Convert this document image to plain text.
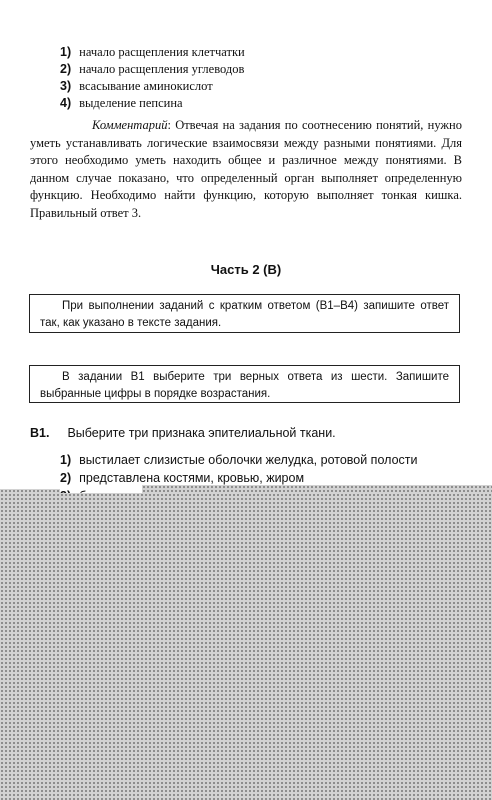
1) начало расщепления клетчатки
2) начало расщепления углеводов
3) всасывание аминокислот
4) выделение пепсина
Комментарий: Отвечая на задания по соотнесению понятий, нужно уметь устанавливать логические взаимосвязи между разными понятиями. Для этого необходимо уметь находить общее и различное между понятиями. В данном случае показано, что определенный орган выполняет определенную функцию. Необходимо найти функцию, которую выполняет тонкая кишка. Правильный ответ 3.
Часть 2 (В)
При выполнении заданий с кратким ответом (В1–В4) запишите ответ так, как указано в тексте задания.
В задании В1 выберите три верных ответа из шести. Запишите выбранные цифры в порядке возрастания.
В1. Выберите три признака эпителиальной ткани.
1) выстилает слизистые оболочки желудка, ротовой полости
2) представлена костями, кровью, жиром
